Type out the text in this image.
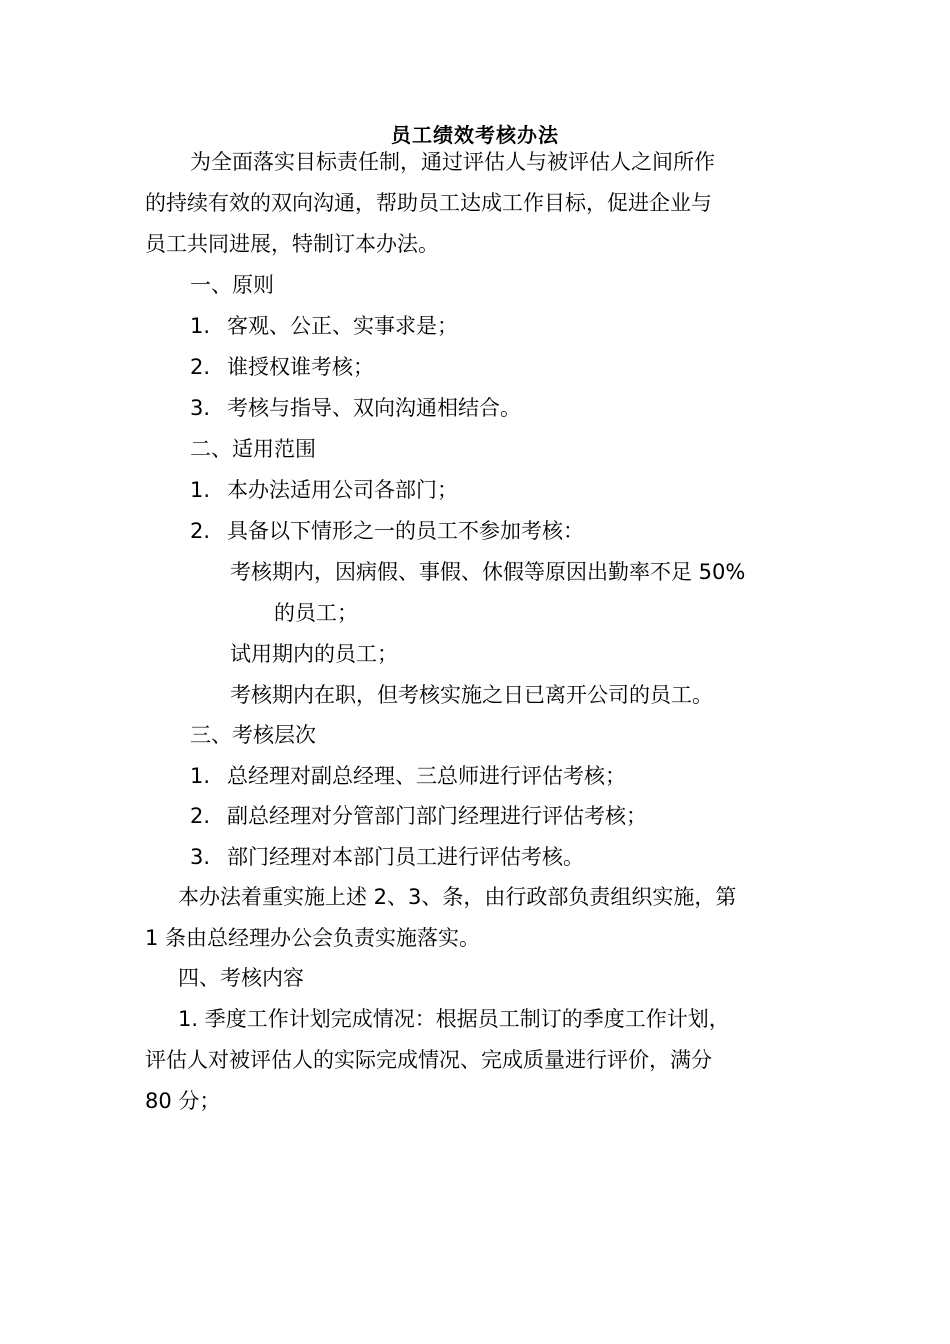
员工绩效考核办法
为全面落实目标责任制，通过评估人与被评估人之间所作
的持续有效的双向沟通，帮助员工达成工作目标，促进企业与
员工共同进展，特制订本办法。
一、原则
1. 客观、公正、实事求是；
2. 谁授权谁考核；
3. 考核与指导、双向沟通相结合。
二、适用范围
1. 本办法适用公司各部门；
2. 具备以下情形之一的员工不参加考核：
考核期内，因病假、事假、休假等原因出勤率不足 50%
的员工；
试用期内的员工；
考核期内在职，但考核实施之日已离开公司的员工。
三、考核层次
1. 总经理对副总经理、三总师进行评估考核；
2. 副总经理对分管部门部门经理进行评估考核；
3. 部门经理对本部门员工进行评估考核。
本办法着重实施上述 2、3、条，由行政部负责组织实施，第
1 条由总经理办公会负责实施落实。
四、考核内容
1. 季度工作计划完成情况：根据员工制订的季度工作计划，
评估人对被评估人的实际完成情况、完成质量进行评价，满分
80 分；
